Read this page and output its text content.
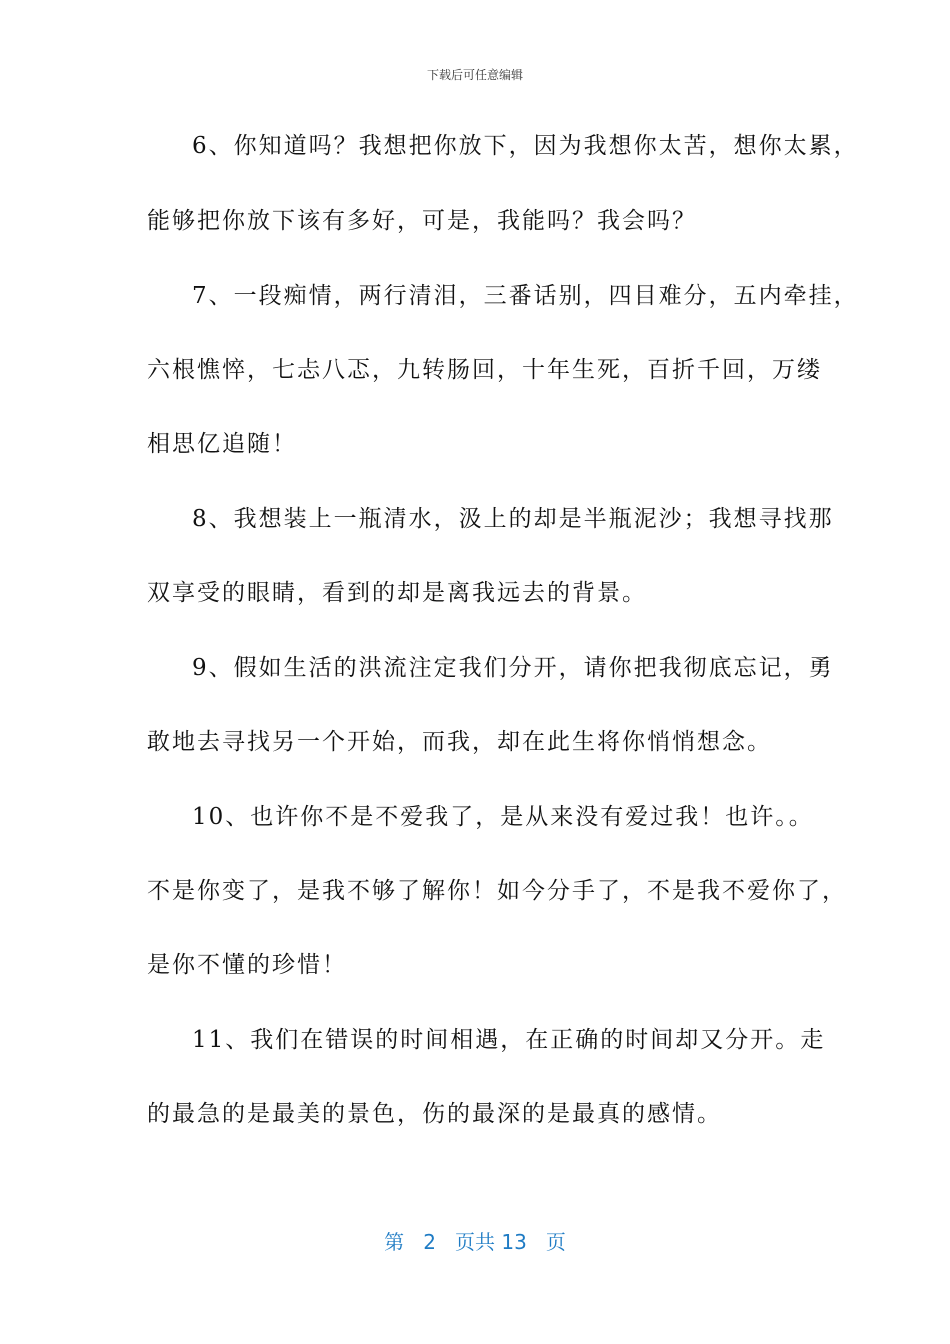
下载后可任意编辑
6、你知道吗？我想把你放下，因为我想你太苦，想你太累，
能够把你放下该有多好，可是，我能吗？我会吗？
7、一段痴情，两行清泪，三番话别，四目难分，五内牵挂，
六根憔悴，七忐八忑，九转肠回，十年生死，百折千回，万缕
相思亿追随！
8、我想装上一瓶清水，汲上的却是半瓶泥沙；我想寻找那
双享受的眼睛，看到的却是离我远去的背景。
9、假如生活的洪流注定我们分开，请你把我彻底忘记，勇
敢地去寻找另一个开始，而我，却在此生将你悄悄想念。
10、也许你不是不爱我了，是从来没有爱过我！也许。。
不是你变了，是我不够了解你！如今分手了，不是我不爱你了，
是你不懂的珍惜！
11、我们在错误的时间相遇，在正确的时间却又分开。走
的最急的是最美的景色，伤的最深的是最真的感情。
第 2 页共 13 页
